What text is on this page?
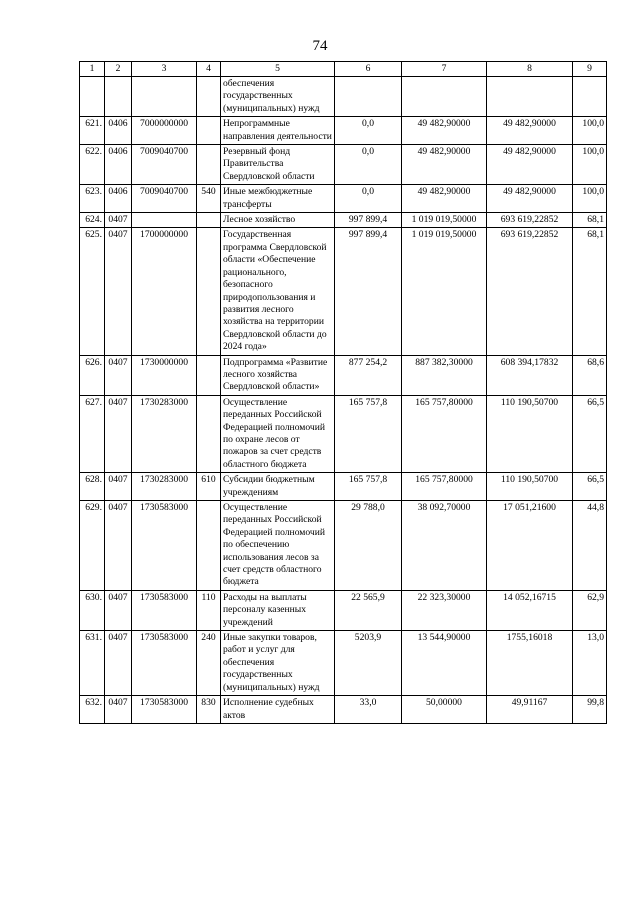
74
1	2	3	4	5	6	7	8	9
				обеспечения государственных (муниципальных) нужд				
621.	0406	7000000000		Непрограммные направления деятельности	0,0	49 482,90000	49 482,90000	100,0
622.	0406	7009040700		Резервный фонд Правительства Свердловской области	0,0	49 482,90000	49 482,90000	100,0
623.	0406	7009040700	540	Иные межбюджетные трансферты	0,0	49 482,90000	49 482,90000	100,0
624.	0407			Лесное хозяйство	997 899,4	1 019 019,50000	693 619,22852	68,1
625.	0407	1700000000		Государственная программа Свердловской области «Обеспечение рационального, безопасного природопользования и развития лесного хозяйства на территории Свердловской области до 2024 года»	997 899,4	1 019 019,50000	693 619,22852	68,1
626.	0407	1730000000		Подпрограмма «Развитие лесного хозяйства Свердловской области»	877 254,2	887 382,30000	608 394,17832	68,6
627.	0407	1730283000		Осуществление переданных Российской Федерацией полномочий по охране лесов от пожаров за счет средств областного бюджета	165 757,8	165 757,80000	110 190,50700	66,5
628.	0407	1730283000	610	Субсидии бюджетным учреждениям	165 757,8	165 757,80000	110 190,50700	66,5
629.	0407	1730583000		Осуществление переданных Российской Федерацией полномочий по обеспечению использования лесов за счет средств областного бюджета	29 788,0	38 092,70000	17 051,21600	44,8
630.	0407	1730583000	110	Расходы на выплаты персоналу казенных учреждений	22 565,9	22 323,30000	14 052,16715	62,9
631.	0407	1730583000	240	Иные закупки товаров, работ и услуг для обеспечения государственных (муниципальных) нужд	5203,9	13 544,90000	1755,16018	13,0
632.	0407	1730583000	830	Исполнение судебных актов	33,0	50,00000	49,91167	99,8
